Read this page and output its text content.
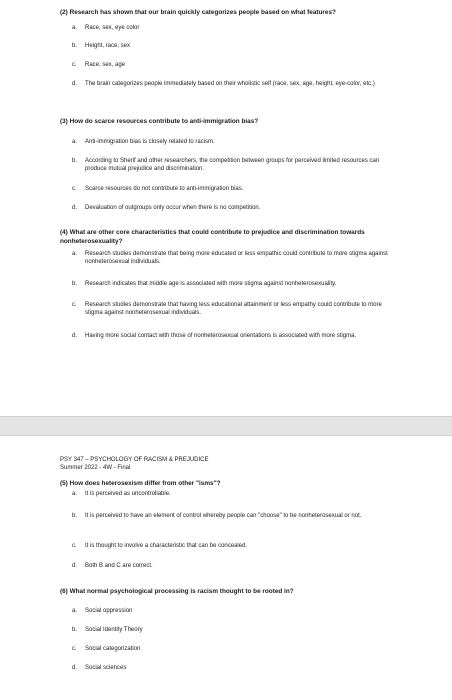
(2) Research has shown that our brain quickly categorizes people based on what features?
a. Race, sex, eye color
b. Height, race, sex
c. Race, sex, age
d. The brain categorizes people immediately based on their wholistic self (race, sex, age, height, eye-color, etc.)
(3) How do scarce resources contribute to anti-immigration bias?
a. Anti-immigration bias is closely related to racism.
b. According to Sherif and other researchers, the competition between groups for perceived limited resources can produce mutual prejudice and discrimination.
c. Scarce resources do not contribute to anti-immigration bias.
d. Devaluation of outgroups only occur when there is no competition.
(4) What are other core characteristics that could contribute to prejudice and discrimination towards nonheterosexuality?
a. Research studies demonstrate that being more educated or less empathic could contribute to more stigma against nonheterosexual individuals.
b. Research indicates that middle age is associated with more stigma against nonheterosexuality.
c. Research studies demonstrate that having less educational attainment or less empathy could contribute to more stigma against nonheterosexual individuals.
d. Having more social contact with those of nonheterosexual orientations is associated with more stigma.
PSY 347 – PSYCHOLOGY OF RACISM & PREJUDICE
Summer 2022 - 4W - Final
(5) How does heterosexism differ from other "isms"?
a. It is perceived as uncontrollable.
b. It is perceived to have an element of control whereby people can "choose" to be nonheterosexual or not.
c. It is thought to involve a characteristic that can be concealed.
d. Both B and C are correct.
(6) What normal psychological processing is racism thought to be rooted in?
a. Social oppression
b. Social Identity Theory
c. Social categorization
d. Social sciences
